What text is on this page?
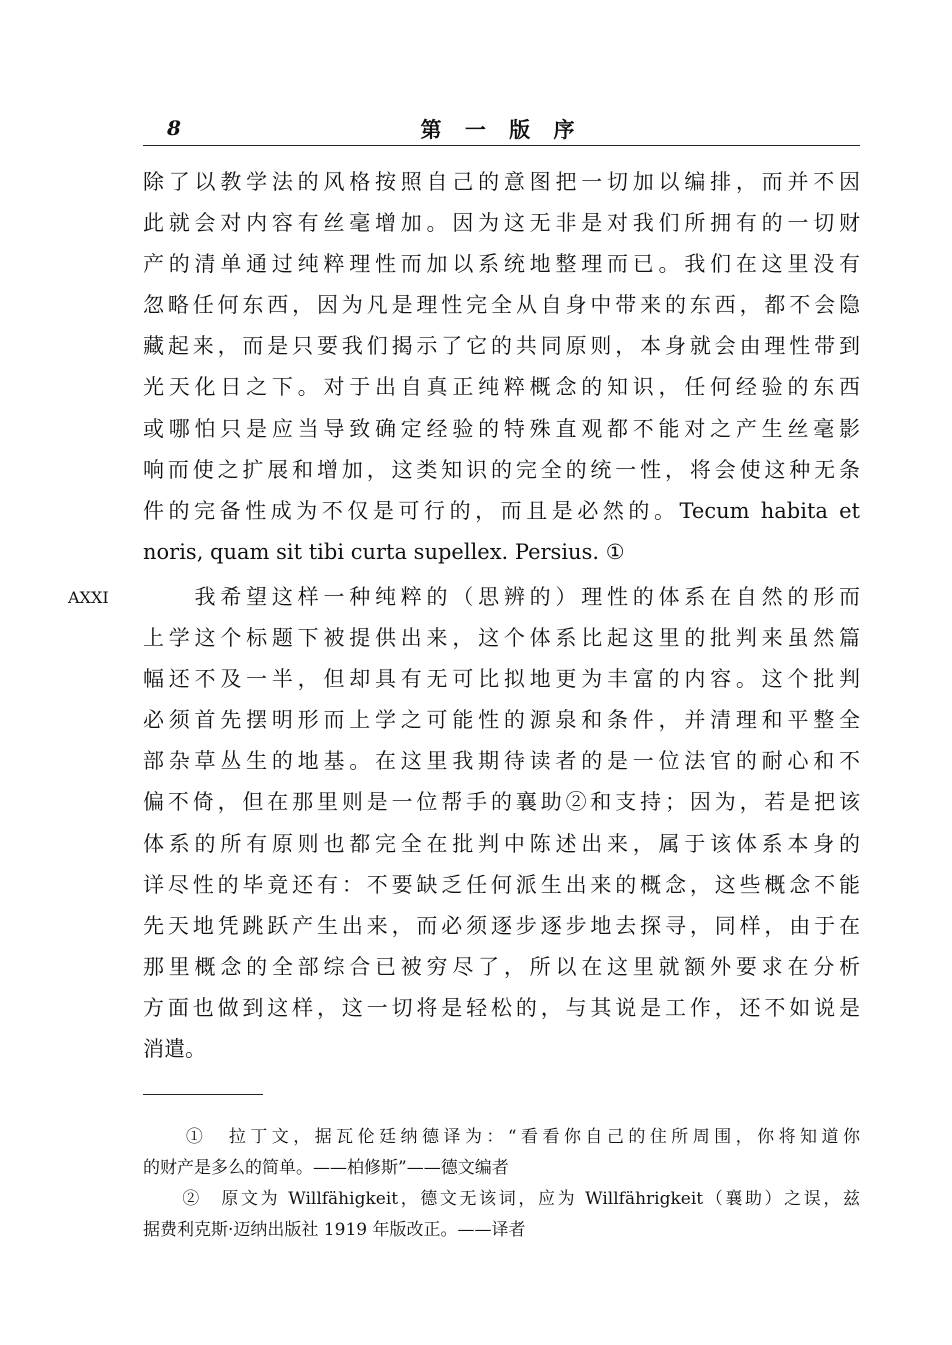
8	第 一 版 序
除了以教学法的风格按照自己的意图把一切加以编排，而并不因
此就会对内容有丝毫增加。因为这无非是对我们所拥有的一切财
产的清单通过纯粹理性而加以系统地整理而已。我们在这里没有
忽略任何东西，因为凡是理性完全从自身中带来的东西，都不会隐
藏起来，而是只要我们揭示了它的共同原则，本身就会由理性带到
光天化日之下。对于出自真正纯粹概念的知识，任何经验的东西
或哪怕只是应当导致确定经验的特殊直观都不能对之产生丝毫影
响而使之扩展和增加，这类知识的完全的统一性，将会使这种无条
件的完备性成为不仅是可行的，而且是必然的。Tecum habita et
noris, quam sit tibi curta supellex. Persius. ①
AXXI 　　我希望这样一种纯粹的（思辨的）理性的体系在自然的形而
上学这个标题下被提供出来，这个体系比起这里的批判来虽然篇
幅还不及一半，但却具有无可比拟地更为丰富的内容。这个批判
必须首先摆明形而上学之可能性的源泉和条件，并清理和平整全
部杂草丛生的地基。在这里我期待读者的是一位法官的耐心和不
偏不倚，但在那里则是一位帮手的襄助②和支持；因为，若是把该
体系的所有原则也都完全在批判中陈述出来，属于该体系本身的
详尽性的毕竟还有：不要缺乏任何派生出来的概念，这些概念不能
先天地凭跳跃产生出来，而必须逐步逐步地去探寻，同样，由于在
那里概念的全部综合已被穷尽了，所以在这里就额外要求在分析
方面也做到这样，这一切将是轻松的，与其说是工作，还不如说是
消遣。
　　①　拉丁文，据瓦伦廷纳德译为：“看看你自己的住所周围，你将知道你
的财产是多么的简单。——柏修斯”——德文编者
　　②　原文为 Willfähigkeit，德文无该词，应为 Willfährigkeit（襄助）之误，兹
据费利克斯·迈纳出版社 1919 年版改正。——译者
